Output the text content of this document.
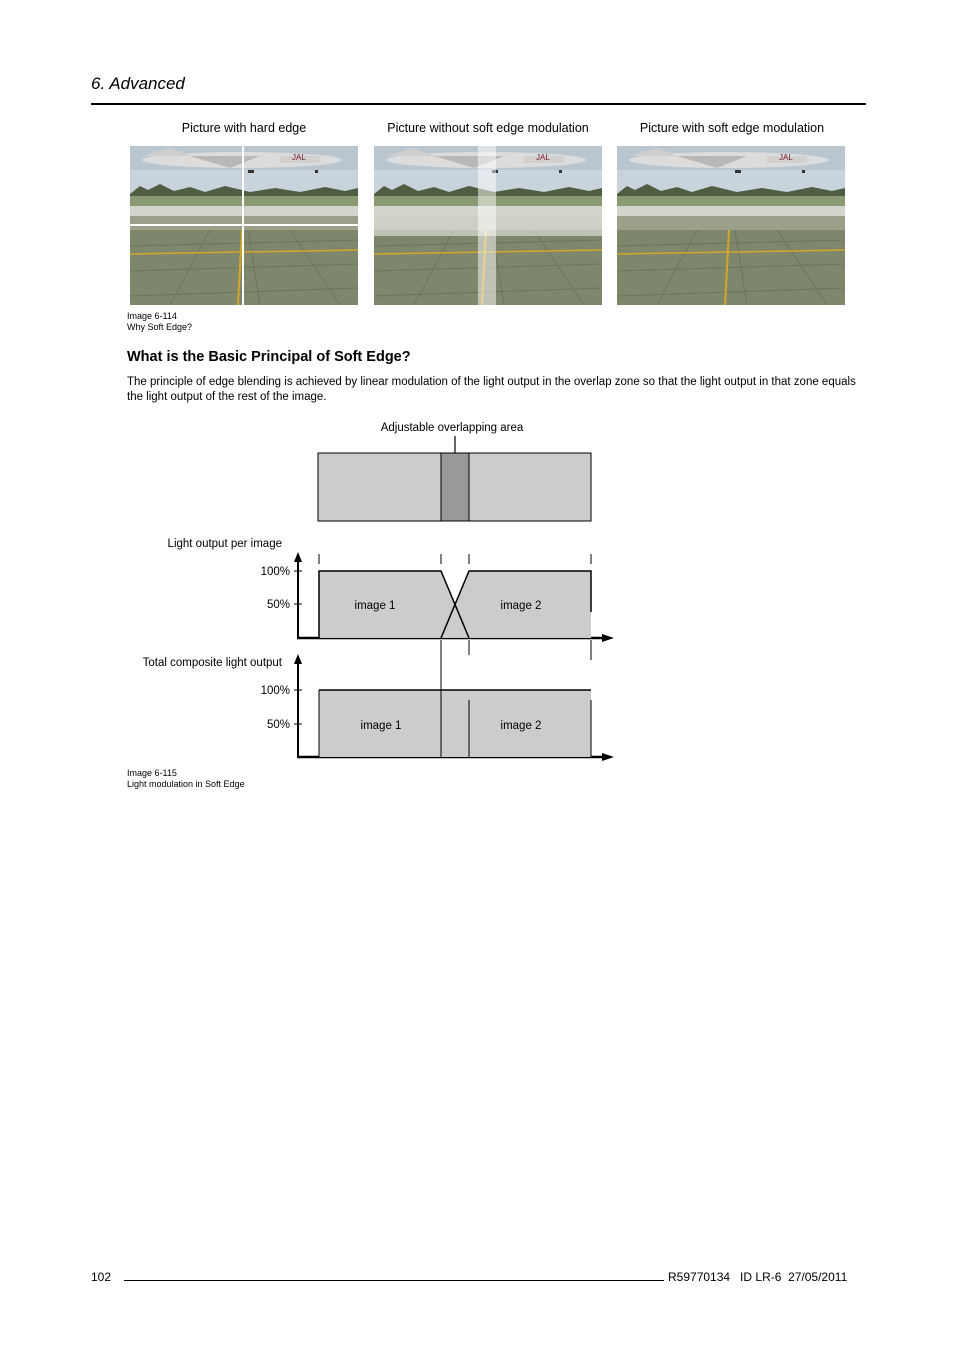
6. Advanced
Picture with hard edge	Picture without soft edge modulation	Picture with soft edge modulation
Image 6-114
Why Soft Edge?
What is the Basic Principal of Soft Edge?
The principle of edge blending is achieved by linear modulation of the light output in the overlap zone so that the light output in that zone equals the light output of the rest of the image.
Adjustable overlapping area
Light output per image
100%
50%	image 1	image 2
Total composite light output
100%
50%	image 1	image 2
Image 6-115
Light modulation in Soft Edge
102	R59770134   ID LR-6  27/05/2011
